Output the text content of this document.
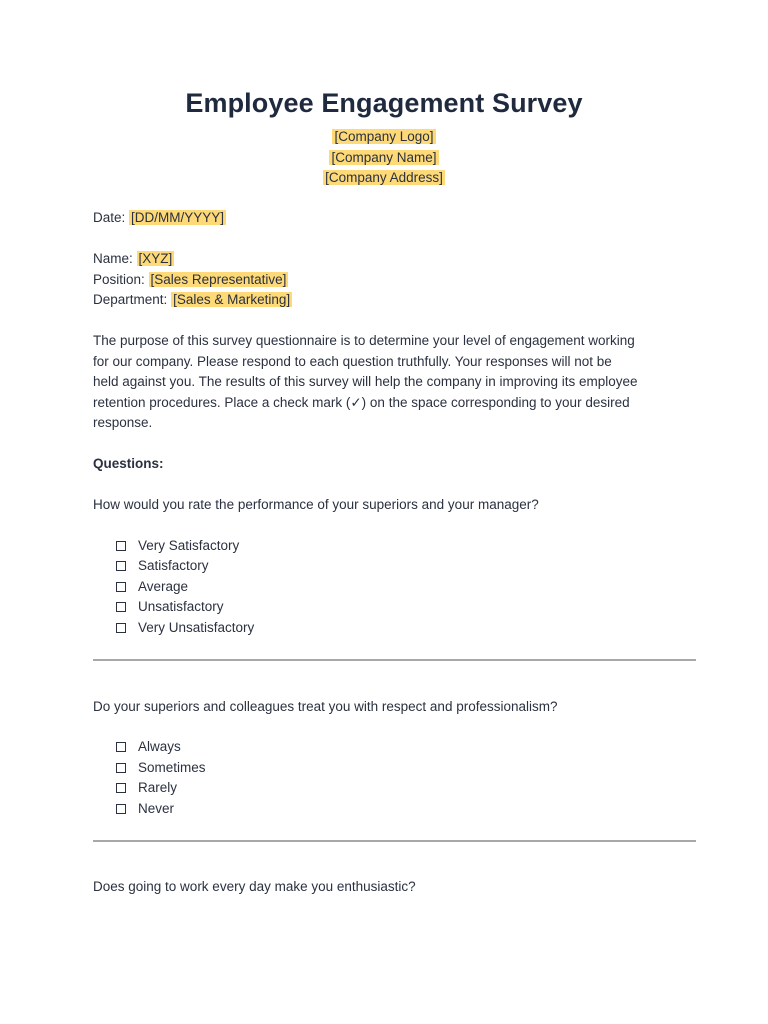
Employee Engagement Survey
[Company Logo]
[Company Name]
[Company Address]
Date: [DD/MM/YYYY]
Name: [XYZ]
Position: [Sales Representative]
Department: [Sales & Marketing]
The purpose of this survey questionnaire is to determine your level of engagement working
for our company. Please respond to each question truthfully. Your responses will not be
held against you. The results of this survey will help the company in improving its employee
retention procedures. Place a check mark (✓) on the space corresponding to your desired
response.
Questions:
How would you rate the performance of your superiors and your manager?
Very Satisfactory
Satisfactory
Average
Unsatisfactory
Very Unsatisfactory
Do your superiors and colleagues treat you with respect and professionalism?
Always
Sometimes
Rarely
Never
Does going to work every day make you enthusiastic?
